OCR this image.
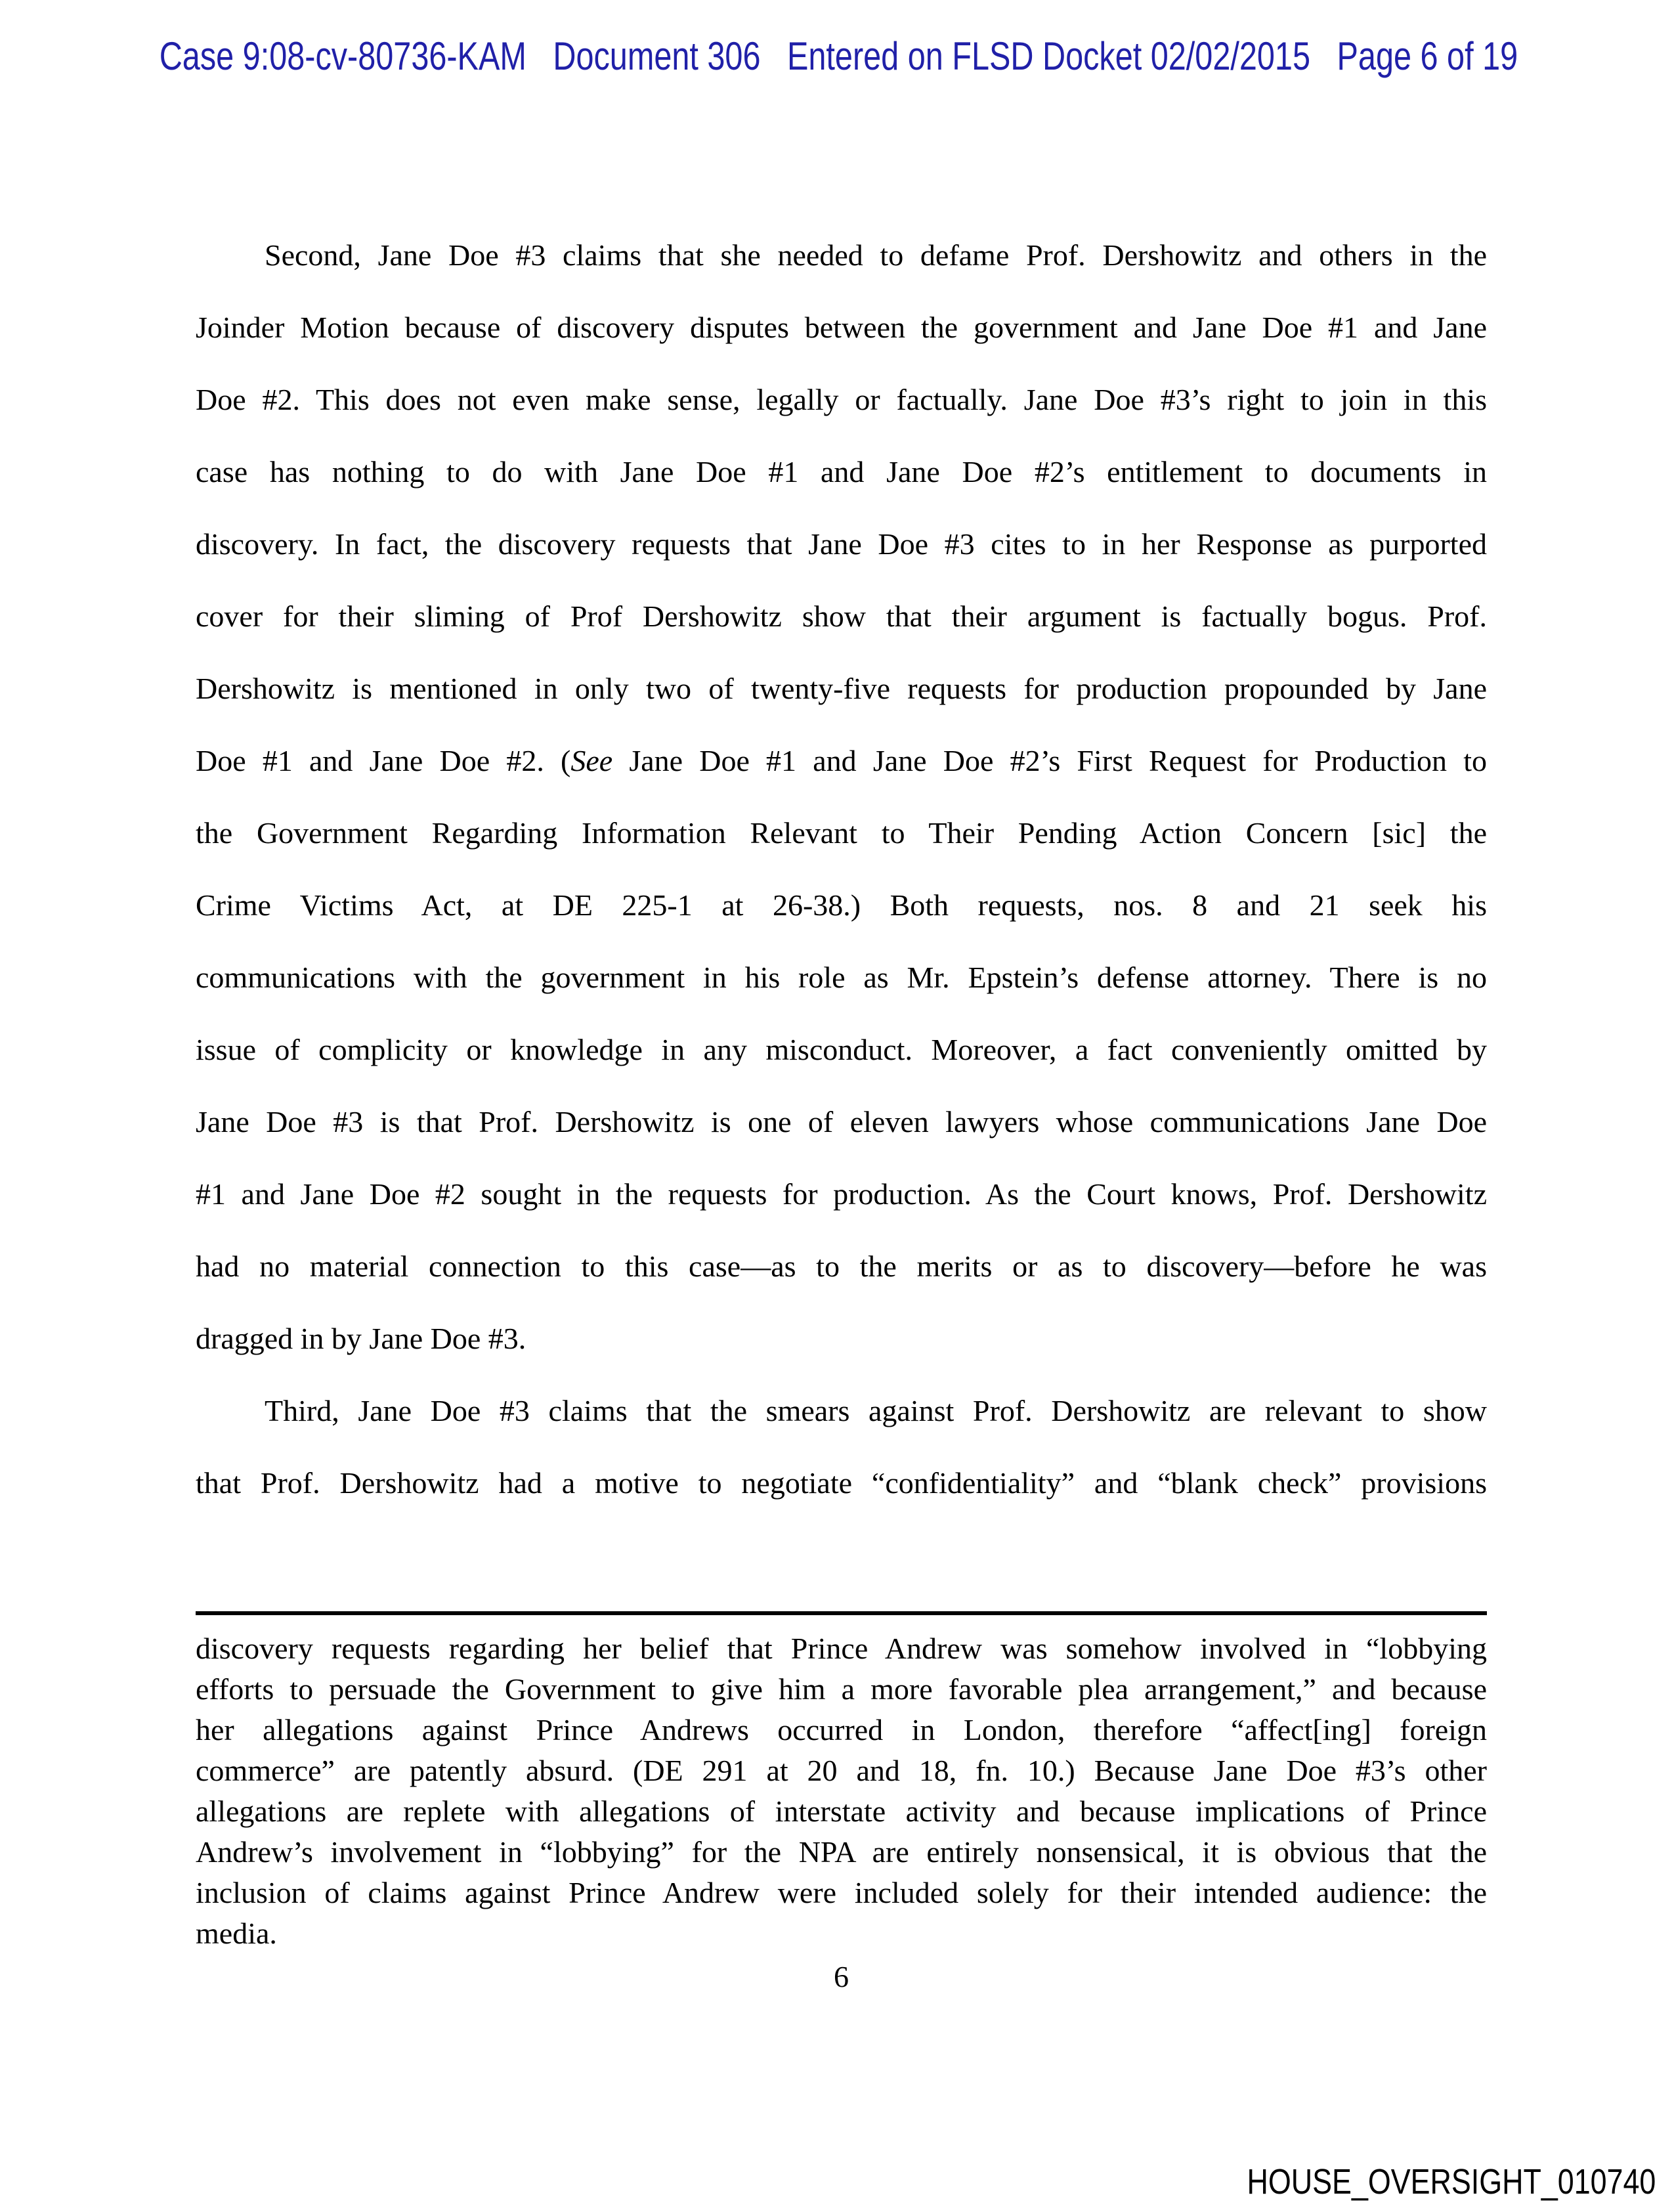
Case 9:08-cv-80736-KAM   Document 306   Entered on FLSD Docket 02/02/2015   Page 6 of 19
Second, Jane Doe #3 claims that she needed to defame Prof. Dershowitz and others in the
Joinder Motion because of discovery disputes between the government and Jane Doe #1 and Jane
Doe #2. This does not even make sense, legally or factually. Jane Doe #3’s right to join in this
case has nothing to do with Jane Doe #1 and Jane Doe #2’s entitlement to documents in
discovery. In fact, the discovery requests that Jane Doe #3 cites to in her Response as purported
cover for their sliming of Prof Dershowitz show that their argument is factually bogus. Prof.
Dershowitz is mentioned in only two of twenty-five requests for production propounded by Jane
Doe #1 and Jane Doe #2. (See Jane Doe #1 and Jane Doe #2’s First Request for Production to
the Government Regarding Information Relevant to Their Pending Action Concern [sic] the
Crime Victims Act, at DE 225-1 at 26-38.) Both requests, nos. 8 and 21 seek his
communications with the government in his role as Mr. Epstein’s defense attorney. There is no
issue of complicity or knowledge in any misconduct. Moreover, a fact conveniently omitted by
Jane Doe #3 is that Prof. Dershowitz is one of eleven lawyers whose communications Jane Doe
#1 and Jane Doe #2 sought in the requests for production. As the Court knows, Prof. Dershowitz
had no material connection to this case—as to the merits or as to discovery—before he was
dragged in by Jane Doe #3.
Third, Jane Doe #3 claims that the smears against Prof. Dershowitz are relevant to show
that Prof. Dershowitz had a motive to negotiate “confidentiality” and “blank check” provisions
discovery requests regarding her belief that Prince Andrew was somehow involved in “lobbying
efforts to persuade the Government to give him a more favorable plea arrangement,” and because
her allegations against Prince Andrews occurred in London, therefore “affect[ing] foreign
commerce” are patently absurd. (DE 291 at 20 and 18, fn. 10.) Because Jane Doe #3’s other
allegations are replete with allegations of interstate activity and because implications of Prince
Andrew’s involvement in “lobbying” for the NPA are entirely nonsensical, it is obvious that the
inclusion of claims against Prince Andrew were included solely for their intended audience: the
media.
6
HOUSE_OVERSIGHT_010740
